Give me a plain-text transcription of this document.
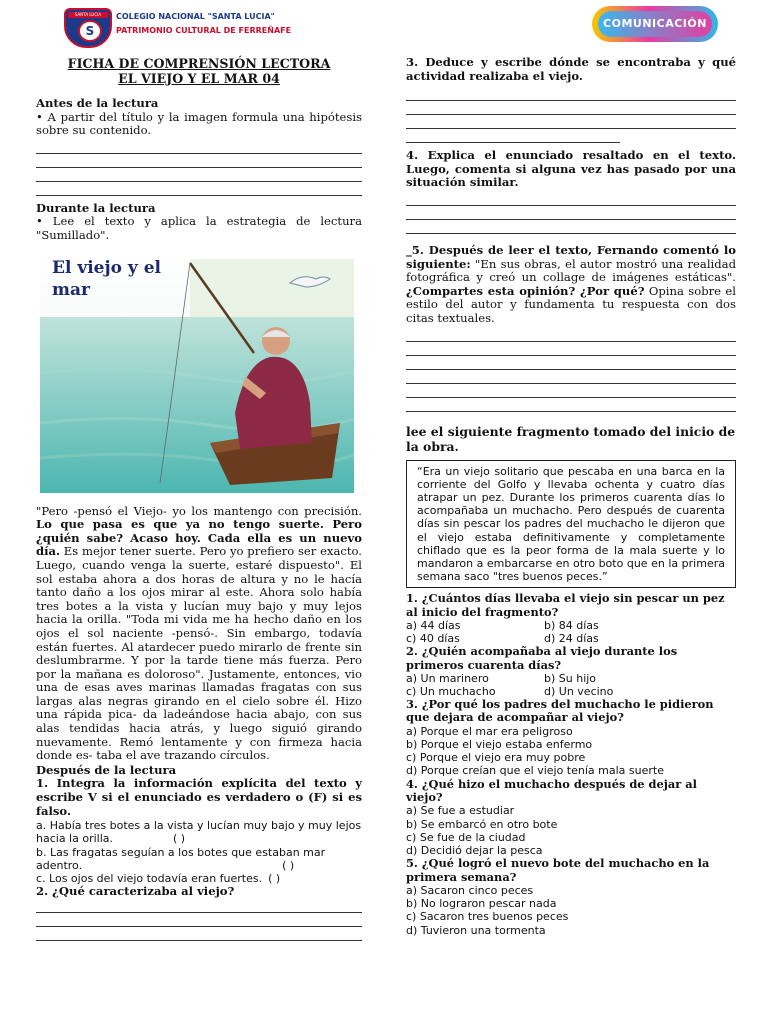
SANTA LUCIA
S
COLEGIO NACIONAL "SANTA LUCIA"
PATRIMONIO CULTURAL DE FERREÑAFE
COMUNICACIÓN

FICHA DE COMPRENSIÓN LECTORA

EL VIEJO Y EL MAR 04

Antes de la lectura

• A partir del título y la imagen formula una hipótesis sobre su contenido.

Durante la lectura

• Lee el texto y aplica la estrategia de lectura "Sumillado".

El viejo y el mar

"Pero -pensó el Viejo- yo los mantengo con precisión. Lo que pasa es que ya no tengo suerte. Pero ¿quién sabe? Acaso hoy. Cada ella es un nuevo día. Es mejor tener suerte. Pero yo prefiero ser exacto. Luego, cuando venga la suerte, estaré dispuesto". El sol estaba ahora a dos horas de altura y no le hacía tanto daño a los ojos mirar al este. Ahora solo había tres botes a la vista y lucían muy bajo y muy lejos hacia la orilla. "Toda mi vida me ha hecho daño en los ojos el sol naciente -pensó-. Sin embargo, todavía están fuertes. Al atardecer puedo mirarlo de frente sin deslumbrarme. Y por la tarde tiene más fuerza. Pero por la mañana es doloroso". Justamente, entonces, vio una de esas aves marinas llamadas fragatas con sus largas alas negras girando en el cielo sobre él. Hizo una rápida pica- da ladeándose hacia abajo, con sus alas tendidas hacia atrás, y luego siguió girando nuevamente. Remó lentamente y con firmeza hacia donde es- taba el ave trazando círculos.

Después de la lectura

1. Integra la información explícita del texto y escribe V si el enunciado es verdadero o (F) si es falso.

a. Había tres botes a la vista y lucían muy bajo y muy lejos hacia la orilla.	( )

b. Las fragatas seguían a los botes que estaban mar adentro.	( )

c. Los ojos del viejo todavía eran fuertes. ( )

2. ¿Qué caracterizaba al viejo?

3. Deduce y escribe dónde se encontraba y qué actividad realizaba el viejo.

4. Explica el enunciado resaltado en el texto. Luego, comenta si alguna vez has pasado por una situación similar.

_5. Después de leer el texto, Fernando comentó lo siguiente: "En sus obras, el autor mostró una realidad fotográfica y creó un collage de imágenes estáticas". ¿Compartes esta opinión? ¿Por qué? Opina sobre el estilo del autor y fundamenta tu respuesta con dos citas textuales.

lee el siguiente fragmento tomado del inicio de la obra.

“Era un viejo solitario que pescaba en una barca en la corriente del Golfo y llevaba ochenta y cuatro días atrapar un pez. Durante los primeros cuarenta días lo acompañaba un muchacho. Pero después de cuarenta días sin pescar los padres del muchacho le dijeron que el viejo estaba definitivamente y completamente chiflado que es la peor forma de la mala suerte y lo mandaron a embarcarse en otro boto que en la primera semana saco "tres buenos peces.”

1. ¿Cuántos días llevaba el viejo sin pescar un pez al inicio del fragmento?

a) 44 días	b) 84 días
c) 40 días	d) 24 días

2. ¿Quién acompañaba al viejo durante los primeros cuarenta días?

a) Un marinero	b) Su hijo
c) Un muchacho	d) Un vecino

3. ¿Por qué los padres del muchacho le pidieron que dejara de acompañar al viejo?

a) Porque el mar era peligroso
b) Porque el viejo estaba enfermo
c) Porque el viejo era muy pobre
d) Porque creían que el viejo tenía mala suerte

4. ¿Qué hizo el muchacho después de dejar al viejo?

a) Se fue a estudiar
b) Se embarcó en otro bote
c) Se fue de la ciudad
d) Decidió dejar la pesca

5. ¿Qué logró el nuevo bote del muchacho en la primera semana?

a) Sacaron cinco peces
b) No lograron pescar nada
c) Sacaron tres buenos peces
d) Tuvieron una tormenta
